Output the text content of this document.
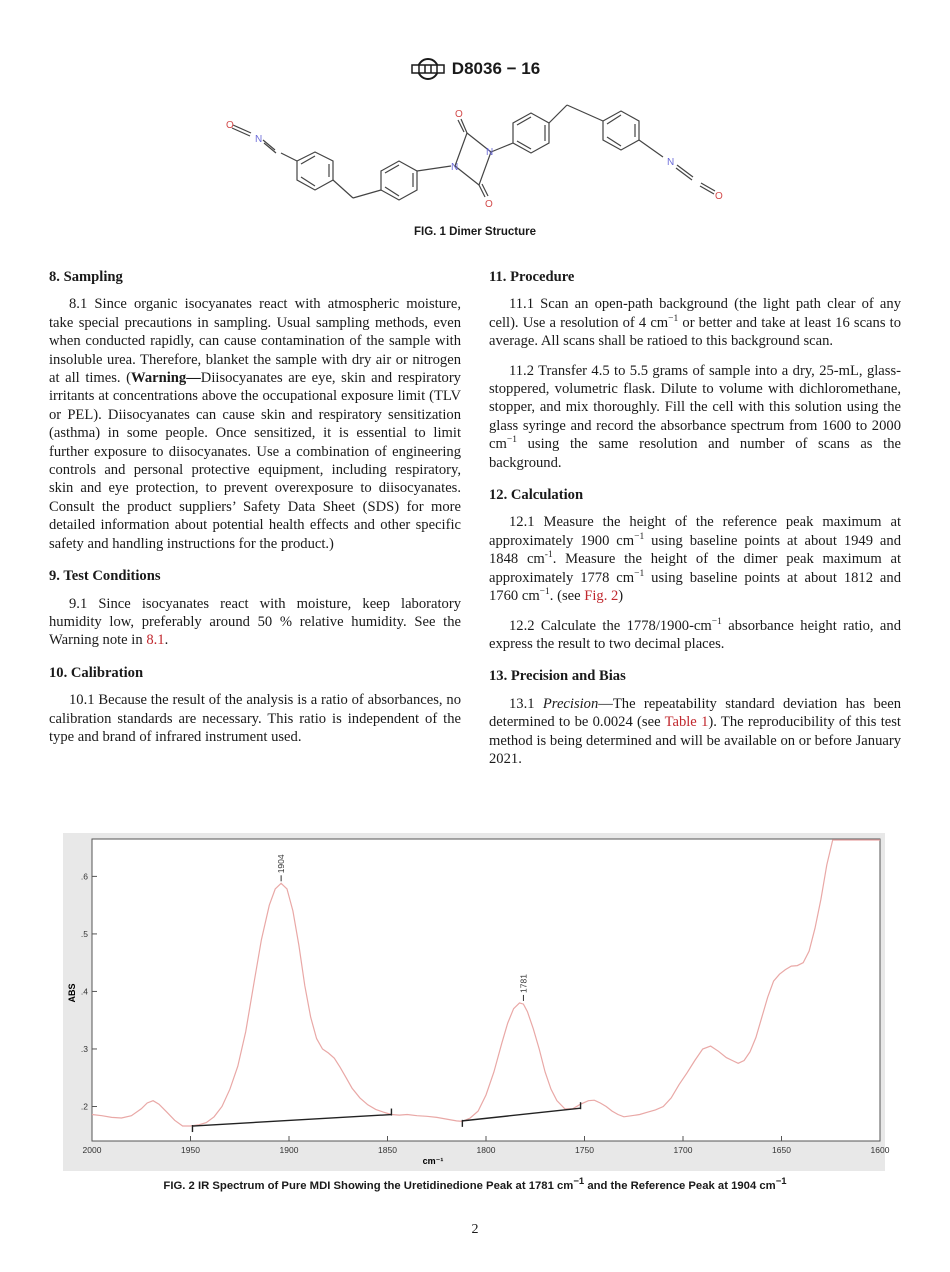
D8036 − 16
O
N
N
O
O
N
N
O
FIG. 1 Dimer Structure
8. Sampling

8.1 Since organic isocyanates react with atmospheric moisture, take special precautions in sampling. Usual sampling methods, even when conducted rapidly, can cause contamination of the sample with insoluble urea. Therefore, blanket the sample with dry air or nitrogen at all times. (Warning—Diisocyanates are eye, skin and respiratory irritants at concentrations above the occupational exposure limit (TLV or PEL). Diisocyanates can cause skin and respiratory sensitization (asthma) in some people. Once sensitized, it is essential to limit further exposure to diisocyanates. Use a combination of engineering controls and personal protective equipment, including respiratory, skin and eye protection, to prevent overexposure to diisocyanates. Consult the product suppliers’ Safety Data Sheet (SDS) for more detailed information about potential health effects and other specific safety and handling instructions for the product.)

9. Test Conditions

9.1 Since isocyanates react with moisture, keep laboratory humidity low, preferably around 50 % relative humidity. See the Warning note in 8.1.

10. Calibration

10.1 Because the result of the analysis is a ratio of absorbances, no calibration standards are necessary. This ratio is independent of the type and brand of infrared instrument used.

11. Procedure

11.1 Scan an open-path background (the light path clear of any cell). Use a resolution of 4 $cm^{-1}$ or better and take at least 16 scans to average. All scans shall be ratioed to this background scan.

11.2 Transfer 4.5 to 5.5 grams of sample into a dry, 25-mL, glass-stoppered, volumetric flask. Dilute to volume with dichloromethane, stopper, and mix thoroughly. Fill the cell with this solution using the glass syringe and record the absorbance spectrum from 1600 to 2000 $cm^{-1}$ using the same resolution and number of scans as the background.

12. Calculation

12.1 Measure the height of the reference peak maximum at approximately 1900 $cm^{-1}$ using baseline points at about 1949 and 1848 $cm^{-1}$. Measure the height of the dimer peak maximum at approximately 1778 $cm^{-1}$ using baseline points at about 1812 and 1760 $cm^{-1}$. (see Fig. 2)

12.2 Calculate the $1778/1900-cm^{-1}$ absorbance height ratio, and express the result to two decimal places.

13. Precision and Bias

13.1 Precision—The repeatability standard deviation has been determined to be 0.0024 (see Table 1). The reproducibility of this test method is being determined and will be available on or before January 2021.

.2
.3
.4
.5
.6
2000	1950	1900	1850	1800	1750	1700	1650	1600
1904
1781
ABS
cm⁻¹
FIG. 2 IR Spectrum of Pure MDI Showing the Uretidinedione Peak at 1781 $cm^{-1}$ and the Reference Peak at 1904 $cm^{-1}$
2
